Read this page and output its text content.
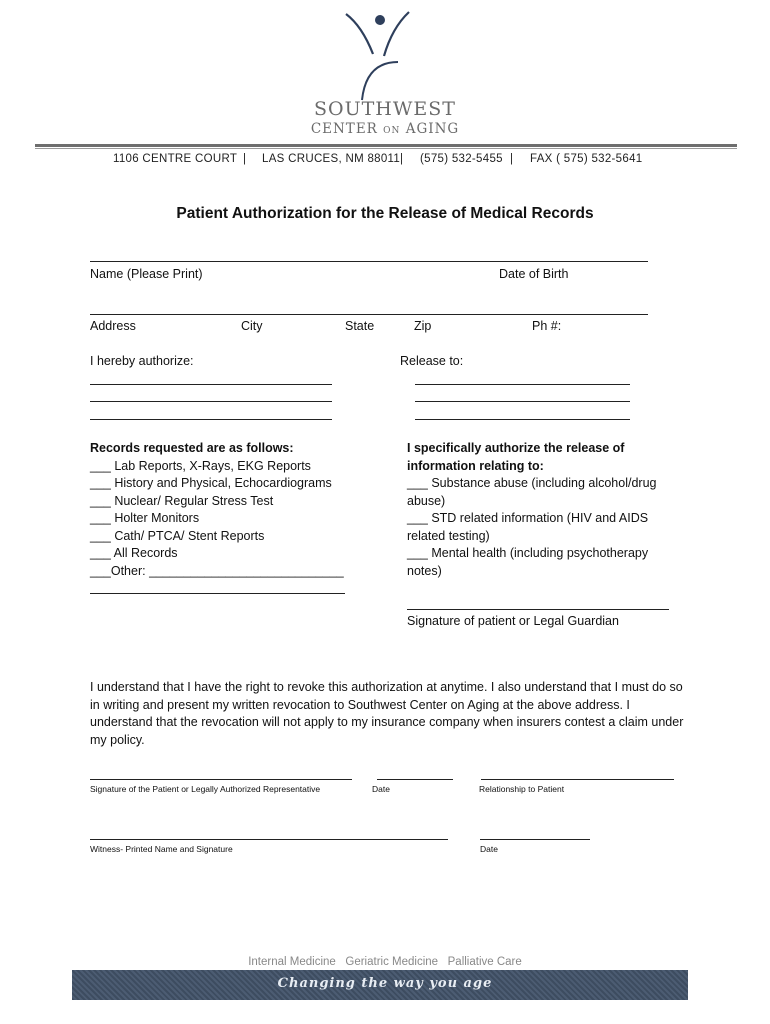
SOUTHWEST
CENTER ON AGING
1106 CENTRE COURT | LAS CRUCES, NM 88011 | (575) 532-5455 | FAX ( 575) 532-5641
Patient Authorization for the Release of Medical Records
Name (Please Print)	Date of Birth
Address	City	State	Zip	Ph #:
I hereby authorize:	Release to:
Records requested are as follows:
___ Lab Reports, X-Rays, EKG Reports
___ History and Physical, Echocardiograms
___ Nuclear/ Regular Stress Test
___ Holter Monitors
___ Cath/ PTCA/ Stent Reports
___ All Records
___Other: ____________________________
I specifically authorize the release of
information relating to:
___ Substance abuse (including alcohol/drug
abuse)
___ STD related information (HIV and AIDS
related testing)
___ Mental health (including psychotherapy
notes)
Signature of patient or Legal Guardian
I understand that I have the right to revoke this authorization at anytime. I also understand that I must do so in writing and present my written revocation to Southwest Center on Aging at the above address. I understand that the revocation will not apply to my insurance company when insurers contest a claim under my policy.
Signature of the Patient or Legally Authorized Representative	Date	Relationship to Patient
Witness- Printed Name and Signature	Date
Internal Medicine   Geriatric Medicine   Palliative Care
Changing the way you age
